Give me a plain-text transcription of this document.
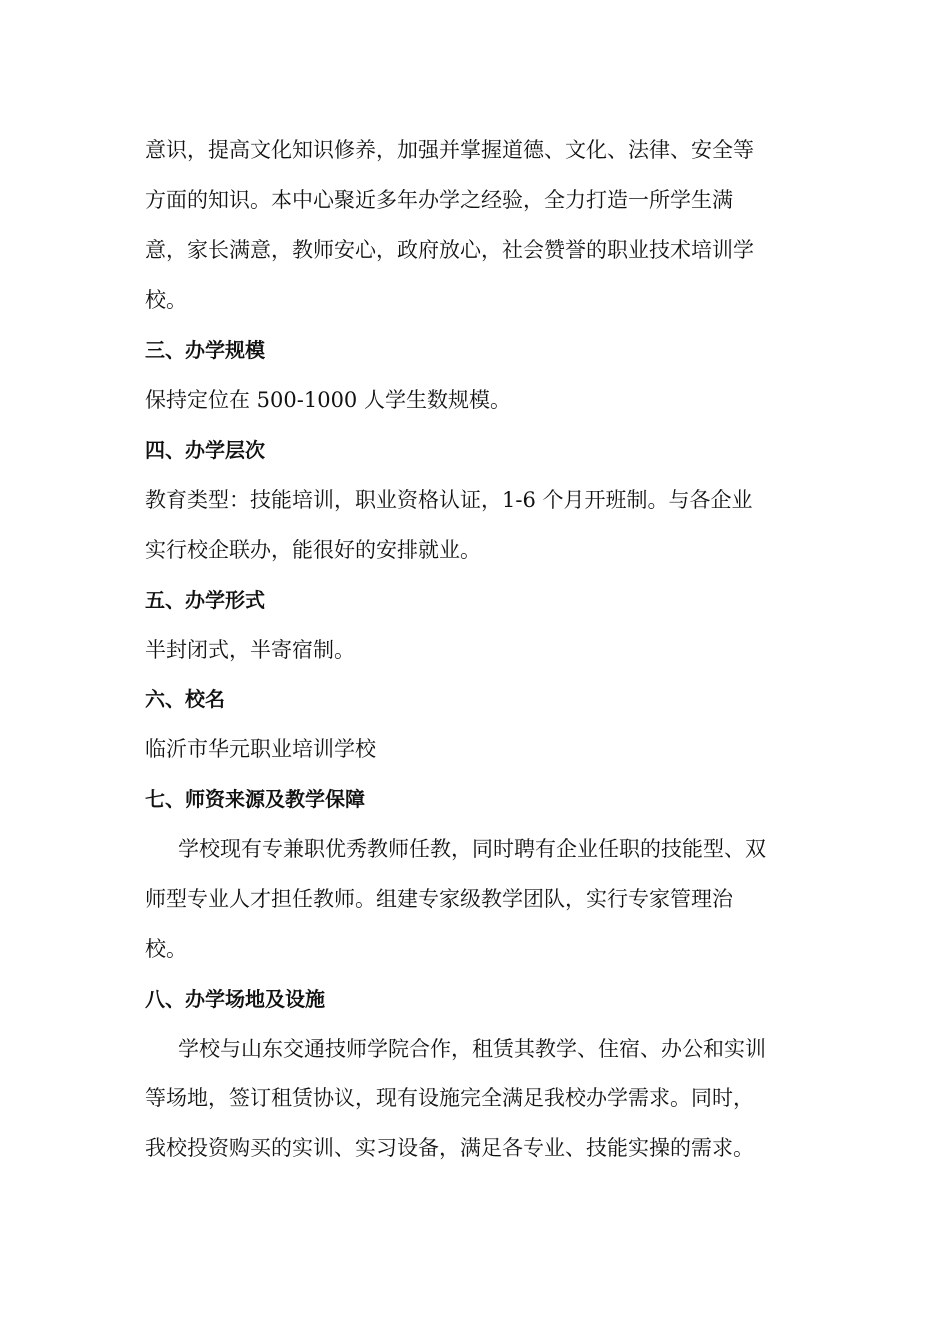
意识，提高文化知识修养，加强并掌握道德、文化、法律、安全等
方面的知识。本中心聚近多年办学之经验，全力打造一所学生满
意，家长满意，教师安心，政府放心，社会赞誉的职业技术培训学
校。
三、办学规模
保持定位在 500-1000 人学生数规模。
四、办学层次
教育类型：技能培训，职业资格认证，1-6 个月开班制。与各企业
实行校企联办，能很好的安排就业。
五、办学形式
半封闭式，半寄宿制。
六、校名
临沂市华元职业培训学校
七、师资来源及教学保障
学校现有专兼职优秀教师任教，同时聘有企业任职的技能型、双
师型专业人才担任教师。组建专家级教学团队，实行专家管理治
校。
八、办学场地及设施
学校与山东交通技师学院合作，租赁其教学、住宿、办公和实训
等场地，签订租赁协议，现有设施完全满足我校办学需求。同时，
我校投资购买的实训、实习设备，满足各专业、技能实操的需求。
